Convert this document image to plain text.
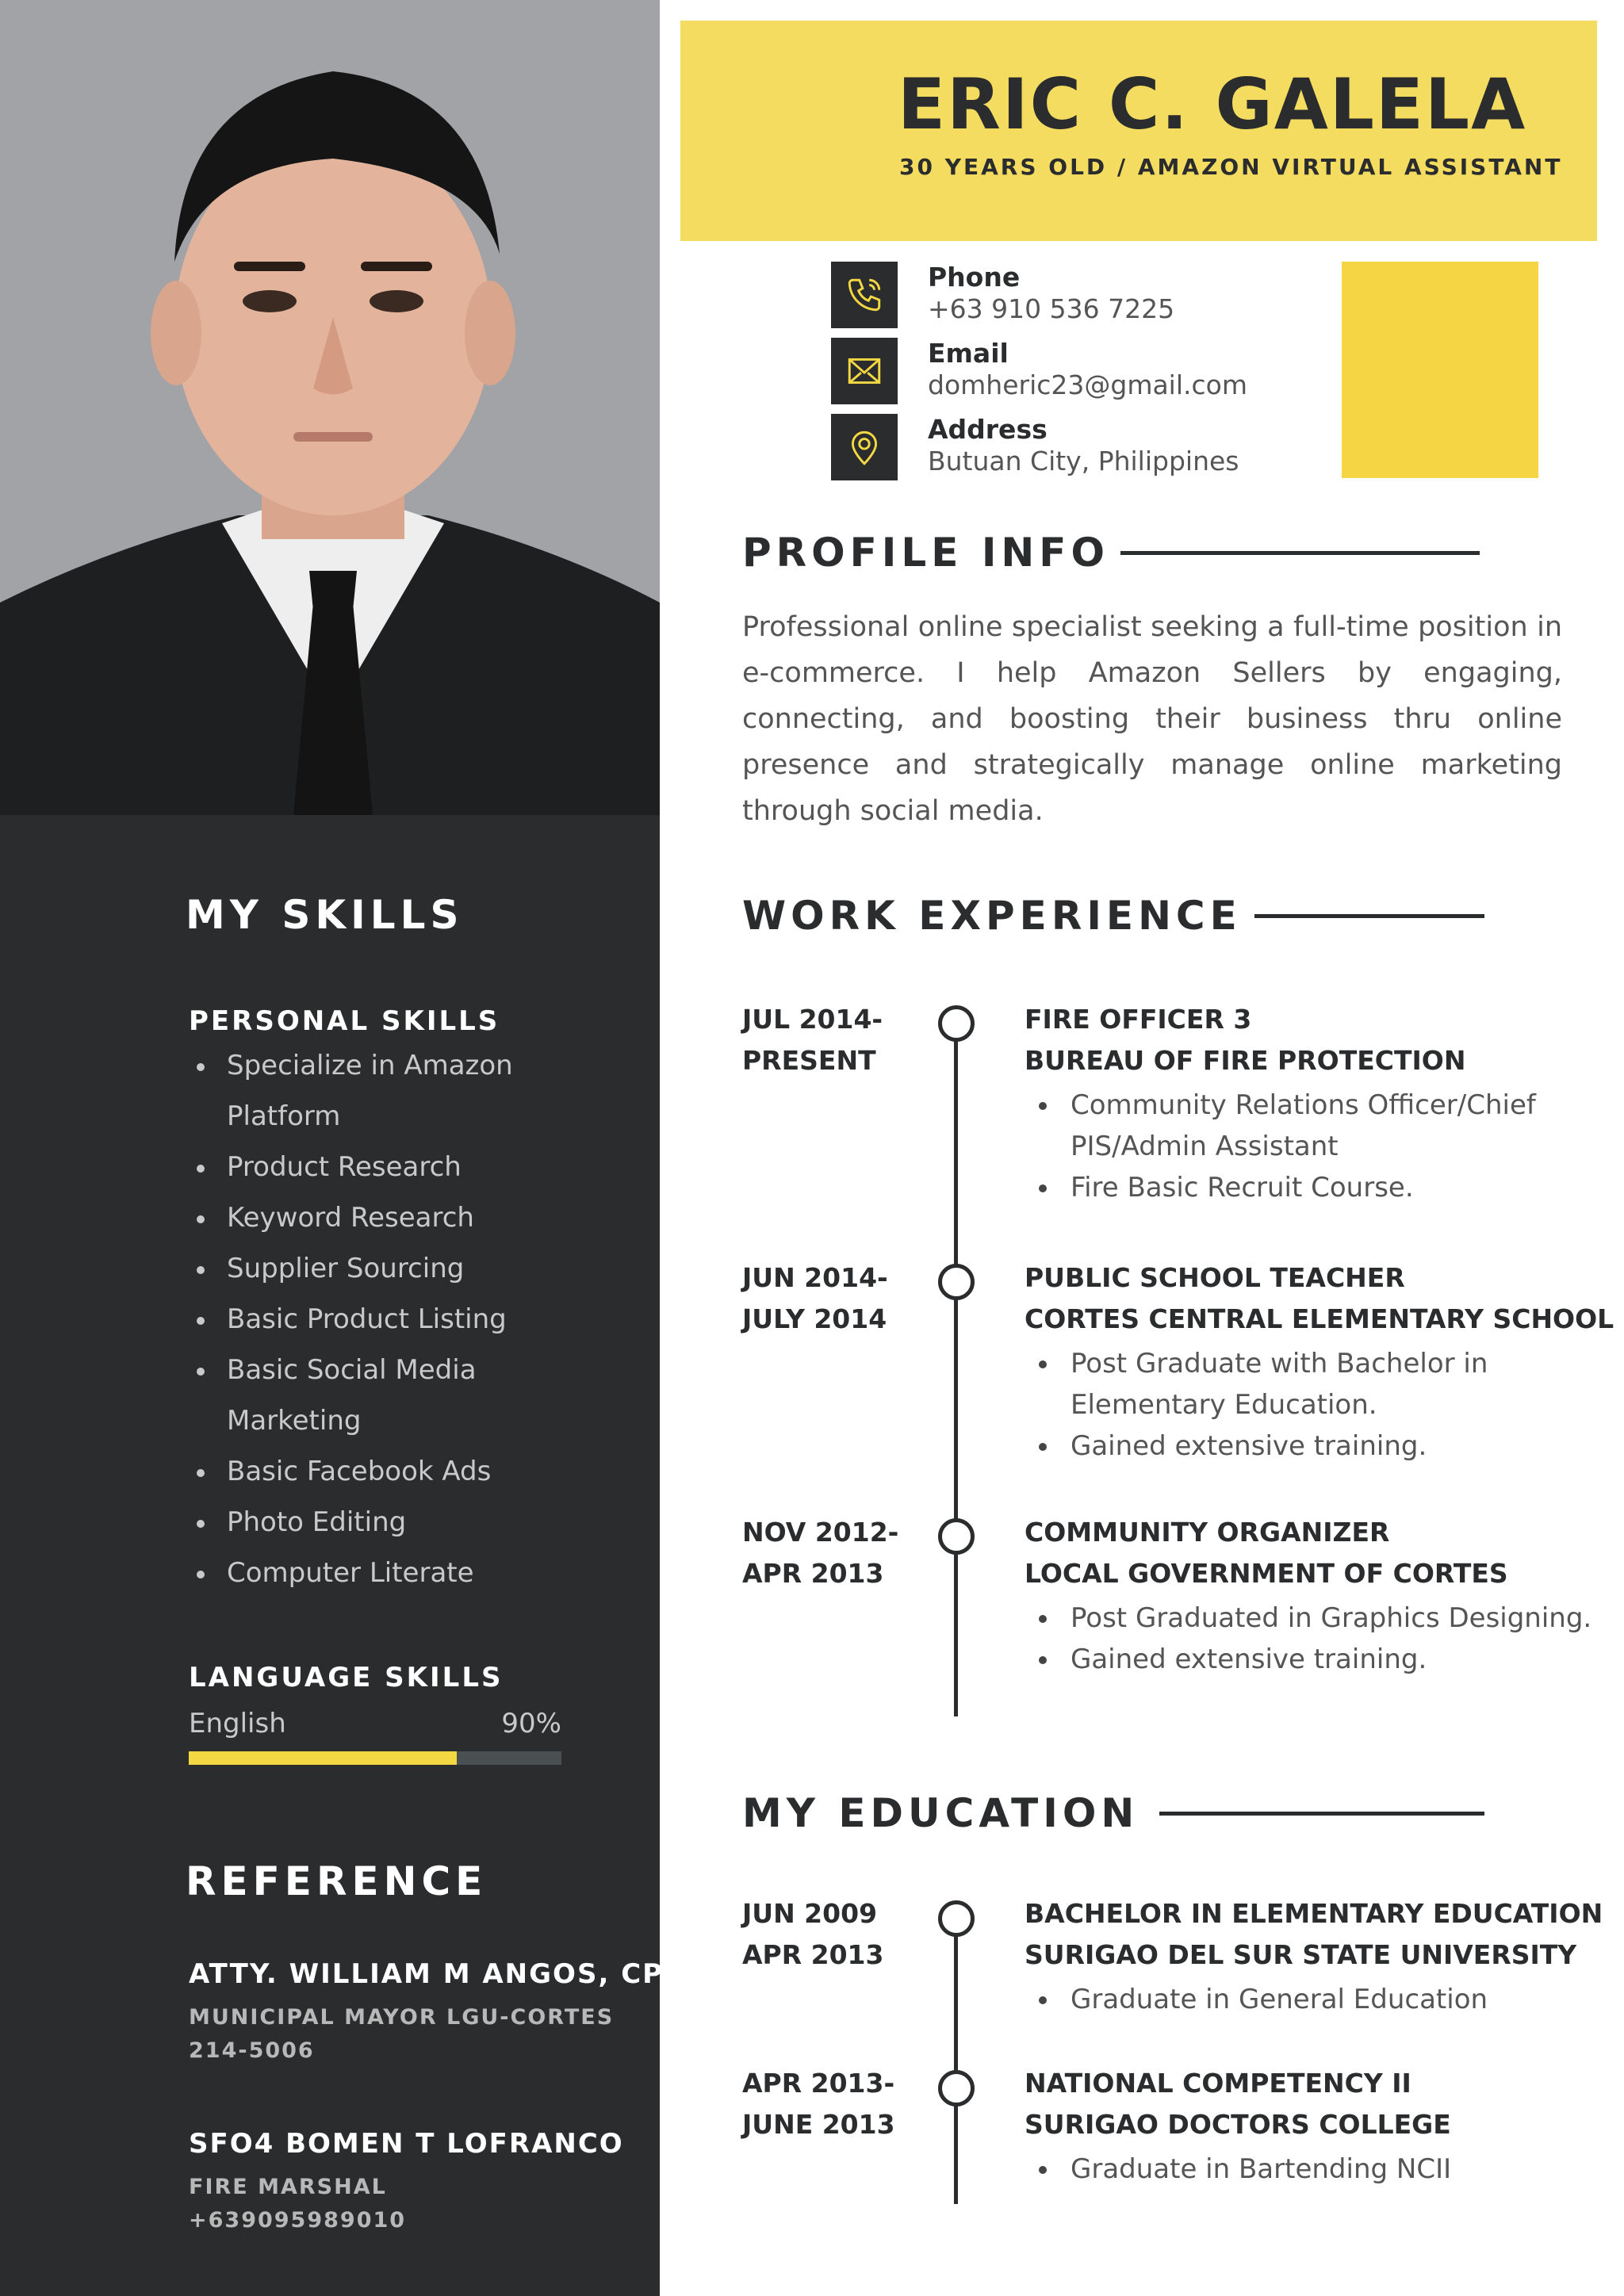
MY SKILLS
PERSONAL SKILLS
Specialize in Amazon Platform
Product Research
Keyword Research
Supplier Sourcing
Basic Product Listing
Basic Social Media Marketing
Basic Facebook Ads
Photo Editing
Computer Literate
LANGUAGE SKILLS
English	90%
REFERENCE

ATTY. WILLIAM M ANGOS, CPA

MUNICIPAL MAYOR LGU-CORTES

214-5006

SFO4 BOMEN T LOFRANCO

FIRE MARSHAL

+639095989010

ERIC C. GALELA

30 YEARS OLD / AMAZON VIRTUAL ASSISTANT

Phone
+63 910 536 7225
Email
domheric23@gmail.com
Address
Butuan City, Philippines
PROFILE INFO

Professional online specialist seeking a full-time position in e-commerce. I help Amazon Sellers by engaging, connecting, and boosting their business thru online presence and strategically manage online marketing through social media.

WORK EXPERIENCE
JUL 2014-
PRESENT
FIRE OFFICER 3
BUREAU OF FIRE PROTECTION
Community Relations Officer/Chief PIS/Admin Assistant
Fire Basic Recruit Course.
JUN 2014-
JULY 2014
PUBLIC SCHOOL TEACHER
CORTES CENTRAL ELEMENTARY SCHOOL
Post Graduate with Bachelor in Elementary Education.
Gained extensive training.
NOV 2012-
APR 2013
COMMUNITY ORGANIZER
LOCAL GOVERNMENT OF CORTES
Post Graduated in Graphics Designing.
Gained extensive training.
MY EDUCATION
JUN 2009
APR 2013
BACHELOR IN ELEMENTARY EDUCATION
SURIGAO DEL SUR STATE UNIVERSITY
Graduate in General Education
APR 2013-
JUNE 2013
NATIONAL COMPETENCY II
SURIGAO DOCTORS COLLEGE
Graduate in Bartending NCII
